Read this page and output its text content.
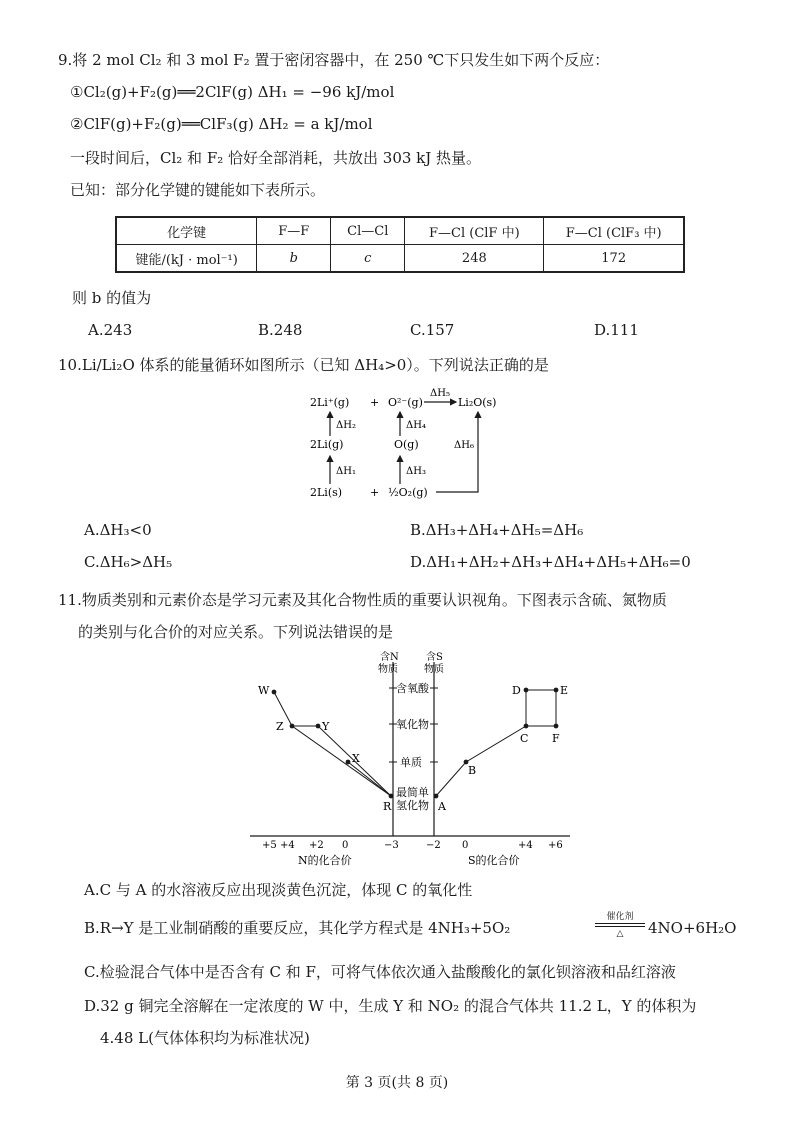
9.将 2 mol Cl₂ 和 3 mol F₂ 置于密闭容器中，在 250 ℃下只发生如下两个反应：
①Cl₂(g)+F₂(g)══2ClF(g) ΔH₁ = −96 kJ/mol
②ClF(g)+F₂(g)══ClF₃(g) ΔH₂ = a kJ/mol
一段时间后，Cl₂ 和 F₂ 恰好全部消耗，共放出 303 kJ 热量。
已知：部分化学键的键能如下表所示。
化学键	F—F	Cl—Cl	F—Cl (ClF 中)	F—Cl (ClF₃ 中)
键能/(kJ · mol⁻¹)	b	c	248	172
则 b 的值为
A.243	B.248	C.157	D.111
10.Li/Li₂O 体系的能量循环如图所示（已知 ΔH₄>0）。下列说法正确的是
2Li⁺(g) + O²⁻(g)	Li₂O(s)
2Li(g)	O(g)
2Li(s)	+ ½O₂(g)
ΔH₅
ΔH₂	ΔH₄
ΔH₁	ΔH₃
ΔH₆
A.ΔH₃<0	B.ΔH₃+ΔH₄+ΔH₅=ΔH₆
C.ΔH₆>ΔH₅	D.ΔH₁+ΔH₂+ΔH₃+ΔH₄+ΔH₅+ΔH₆=0
11.物质类别和元素价态是学习元素及其化合物性质的重要认识视角。下图表示含硫、氮物质
的类别与化合价的对应关系。下列说法错误的是
含N
物质
含S
物质
含氧酸
氧化物
单质
最简单
氢化物
+5 +4 +2 0	−3	−2 0	+4 +6
N的化合价	S的化合价
W
Z	Y
X
R	A
B
C
D	E
F
A.C 与 A 的水溶液反应出现淡黄色沉淀，体现 C 的氧化性
B.R→Y 是工业制硝酸的重要反应，其化学方程式是 4NH₃+5O₂
催化剂
△	4NO+6H₂O
C.检验混合气体中是否含有 C 和 F，可将气体依次通入盐酸酸化的氯化钡溶液和品红溶液
D.32 g 铜完全溶解在一定浓度的 W 中，生成 Y 和 NO₂ 的混合气体共 11.2 L，Y 的体积为
4.48 L(气体体积均为标准状况)
第 3 页(共 8 页)
